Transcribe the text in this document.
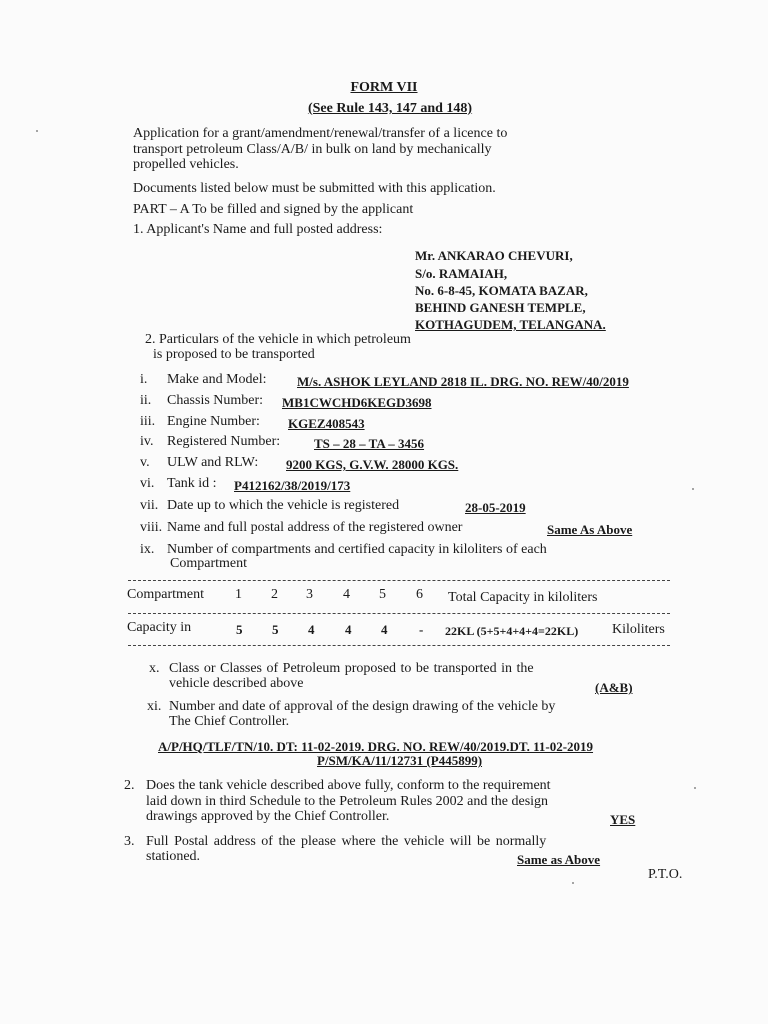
FORM VII
(See Rule 143, 147 and 148)
Application for a grant/amendment/renewal/transfer of a licence to
transport petroleum Class/A/B/ in bulk on land by mechanically
propelled vehicles.
Documents listed below must be submitted with this application.
PART – A To be filled and signed by the applicant
1. Applicant's Name and full posted address:
Mr. ANKARAO CHEVURI,
S/o. RAMAIAH,
No. 6-8-45, KOMATA BAZAR,
BEHIND GANESH TEMPLE,
KOTHAGUDEM, TELANGANA.
2. Particulars of the vehicle in which petroleum
is proposed to be transported
i. Make and Model: M/s. ASHOK LEYLAND 2818 IL. DRG. NO. REW/40/2019
ii. Chassis Number: MB1CWCHD6KEGD3698
iii. Engine Number: KGEZ408543
iv. Registered Number:	TS – 28 – TA – 3456
v. ULW and RLW: 9200 KGS, G.V.W. 28000 KGS.
vi. Tank id : P412162/38/2019/173
vii. Date up to which the vehicle is registered	28-05-2019
viii. Name and full postal address of the registered owner	Same As Above
ix. Number of compartments and certified capacity in kiloliters of each
Compartment
Compartment 1 2 3 4 5 6 Total Capacity in kiloliters
Capacity in	5 5 4 4 4 - 22KL (5+5+4+4+4=22KL) Kiloliters
x. Class or Classes of Petroleum proposed to be transported in the
vehicle described above	(A&B)
xi. Number and date of approval of the design drawing of the vehicle by
The Chief Controller.
A/P/HQ/TLF/TN/10. DT: 11-02-2019. DRG. NO. REW/40/2019.DT. 11-02-2019
P/SM/KA/11/12731 (P445899)
2. Does the tank vehicle described above fully, conform to the requirement
laid down in third Schedule to the Petroleum Rules 2002 and the design
drawings approved by the Chief Controller.	YES
3. Full Postal address of the please where the vehicle will be normally
stationed.	Same as Above
P.T.O.
